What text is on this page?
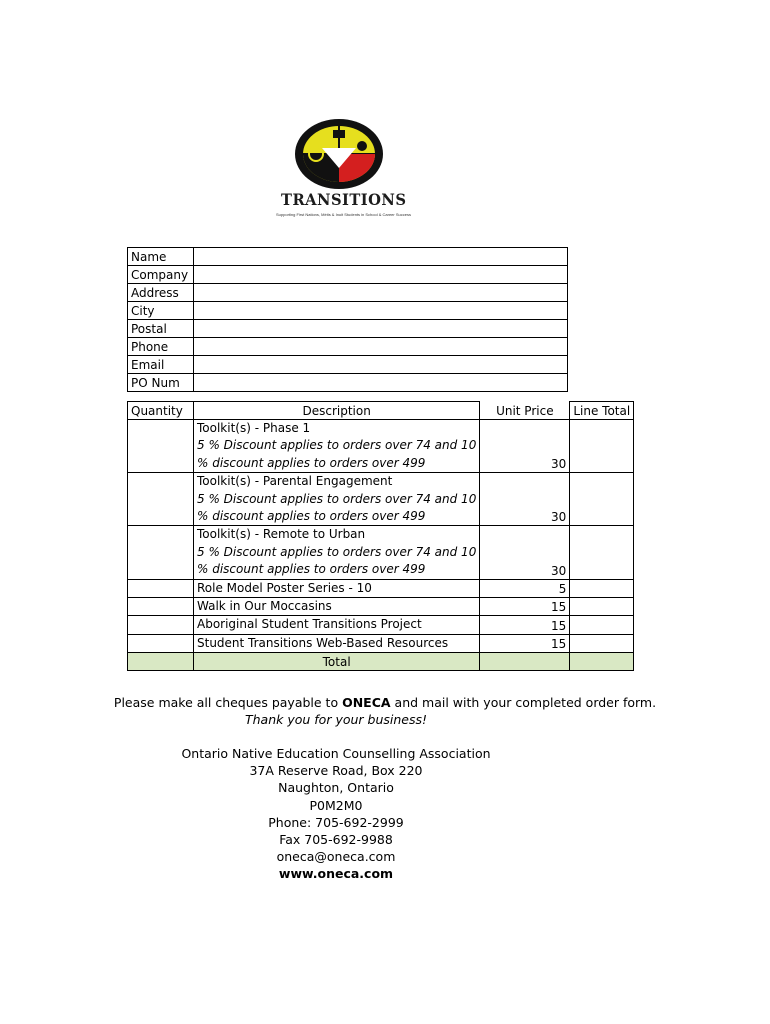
TRANSITIONS
Supporting First Nations, Métis & Inuit Students in School & Career Success
Name	
Company	
Address	
City	
Postal	
Phone	
Email	
PO Num	
Quantity	Description	Unit Price	Line Total

	Toolkit(s) - Phase 1
5 % Discount applies to orders over 74 and 10
% discount applies to orders over 499	30	

	Toolkit(s) - Parental Engagement
5 % Discount applies to orders over 74 and 10
% discount applies to orders over 499	30	

	Toolkit(s) - Remote to Urban
5 % Discount applies to orders over 74 and 10
% discount applies to orders over 499	30	

	Role Model Poster Series - 10	5	

	Walk in Our Moccasins	15	

	Aboriginal Student Transitions Project	15	

	Student Transitions Web-Based Resources	15	
	Total		
Please make all cheques payable to ONECA and mail with your completed order form.
Thank you for your business!
Ontario Native Education Counselling Association
37A Reserve Road, Box 220
Naughton, Ontario
P0M2M0
Phone: 705-692-2999
Fax 705-692-9988
oneca@oneca.com
www.oneca.com
